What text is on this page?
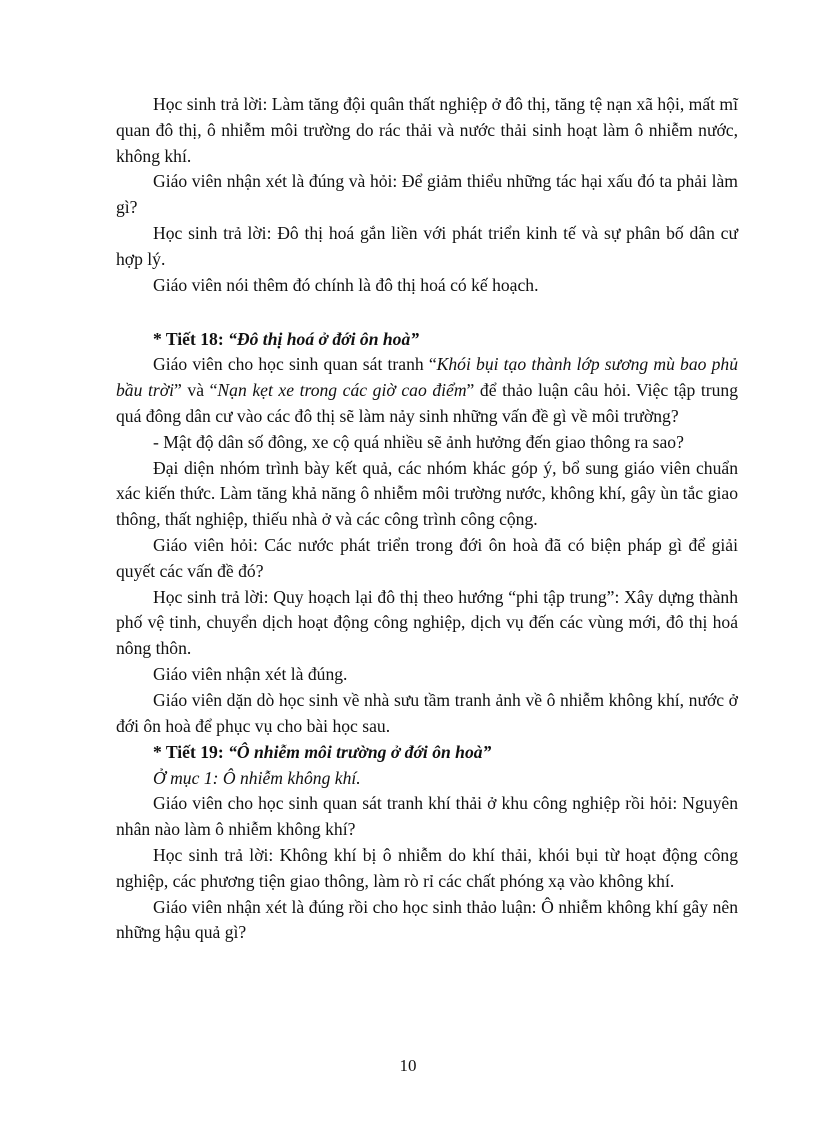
Học sinh trả lời: Làm tăng đội quân thất nghiệp ở đô thị, tăng tệ nạn xã hội, mất mĩ quan đô thị, ô nhiễm môi trường do rác thải và nước thải sinh hoạt làm ô nhiễm nước, không khí.

Giáo viên nhận xét là đúng và hỏi: Để giảm thiểu những tác hại xấu đó ta phải làm gì?

Học sinh trả lời: Đô thị hoá gắn liền với phát triển kinh tế và sự phân bố dân cư hợp lý.

Giáo viên nói thêm đó chính là đô thị hoá có kế hoạch.

* Tiết 18: “Đô thị hoá ở đới ôn hoà”

Giáo viên cho học sinh quan sát tranh “Khói bụi tạo thành lớp sương mù bao phủ bầu trời” và “Nạn kẹt xe trong các giờ cao điểm” để thảo luận câu hỏi. Việc tập trung quá đông dân cư vào các đô thị sẽ làm nảy sinh những vấn đề gì về môi trường?

- Mật độ dân số đông, xe cộ quá nhiều sẽ ảnh hưởng đến giao thông ra sao?

Đại diện nhóm trình bày kết quả, các nhóm khác góp ý, bổ sung giáo viên chuẩn xác kiến thức. Làm tăng khả năng ô nhiễm môi trường nước, không khí, gây ùn tắc giao thông, thất nghiệp, thiếu nhà ở và các công trình công cộng.

Giáo viên hỏi: Các nước phát triển trong đới ôn hoà đã có biện pháp gì để giải quyết các vấn đề đó?

Học sinh trả lời: Quy hoạch lại đô thị theo hướng “phi tập trung”: Xây dựng thành phố vệ tinh, chuyển dịch hoạt động công nghiệp, dịch vụ đến các vùng mới, đô thị hoá nông thôn.

Giáo viên nhận xét là đúng.

Giáo viên dặn dò học sinh về nhà sưu tầm tranh ảnh về ô nhiễm không khí, nước ở đới ôn hoà để phục vụ cho bài học sau.

* Tiết 19: “Ô nhiễm môi trường ở đới ôn hoà”

Ở mục 1: Ô nhiễm không khí.

Giáo viên cho học sinh quan sát tranh khí thải ở khu công nghiệp rồi hỏi: Nguyên nhân nào làm ô nhiễm không khí?

Học sinh trả lời: Không khí bị ô nhiễm do khí thải, khói bụi từ hoạt động công nghiệp, các phương tiện giao thông, làm rò rỉ các chất phóng xạ vào không khí.

Giáo viên nhận xét là đúng rồi cho học sinh thảo luận: Ô nhiễm không khí gây nên những hậu quả gì?

10
